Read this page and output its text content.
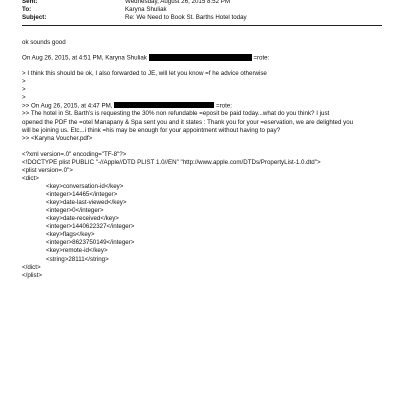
Sent:	Wednesday, August 26, 2015 8:52 PM
To:	Karyna Shuliak
Subject:	Re: We Need to Book St. Barths Hotel today

ok sounds good

On Aug 26, 2015, at 4:51 PM, Karyna Shuliak	=rote:

> I think this should be ok, I also forwarded to JE, will let you know =f he advice otherwise

>

>

>

>> On Aug 26, 2015, at 4:47 PM,	=rote:

>> The hotel in St. Barth's is requesting the 30% non refundable =eposit be paid today...what do you think? I just

opened the PDF the =otel Manapany & Spa sent you and it states : Thank you for your =eservation, we are delighted you

will be joining us. Etc...i think =his may be enough for your appointment without having to pay?

>> <Karyna Voucher.pdf>

<?xml version=.0" encoding="TF-8"?>

<!DOCTYPE plist PUBLIC "-//Apple//DTD PLIST 1.0//EN" "http://www.apple.com/DTDs/PropertyList-1.0.dtd">

<plist version=.0">

<dict>

<key>conversation-id</key>

<integer>14465</integer>

<key>date-last-viewed</key>

<integer>0</integer>

<key>date-received</key>

<integer>1440622327</integer>

<key>flags</key>

<integer>8623750149</integer>

<key>remote-id</key>

<string>28111</string>

</dict>

</plist>
